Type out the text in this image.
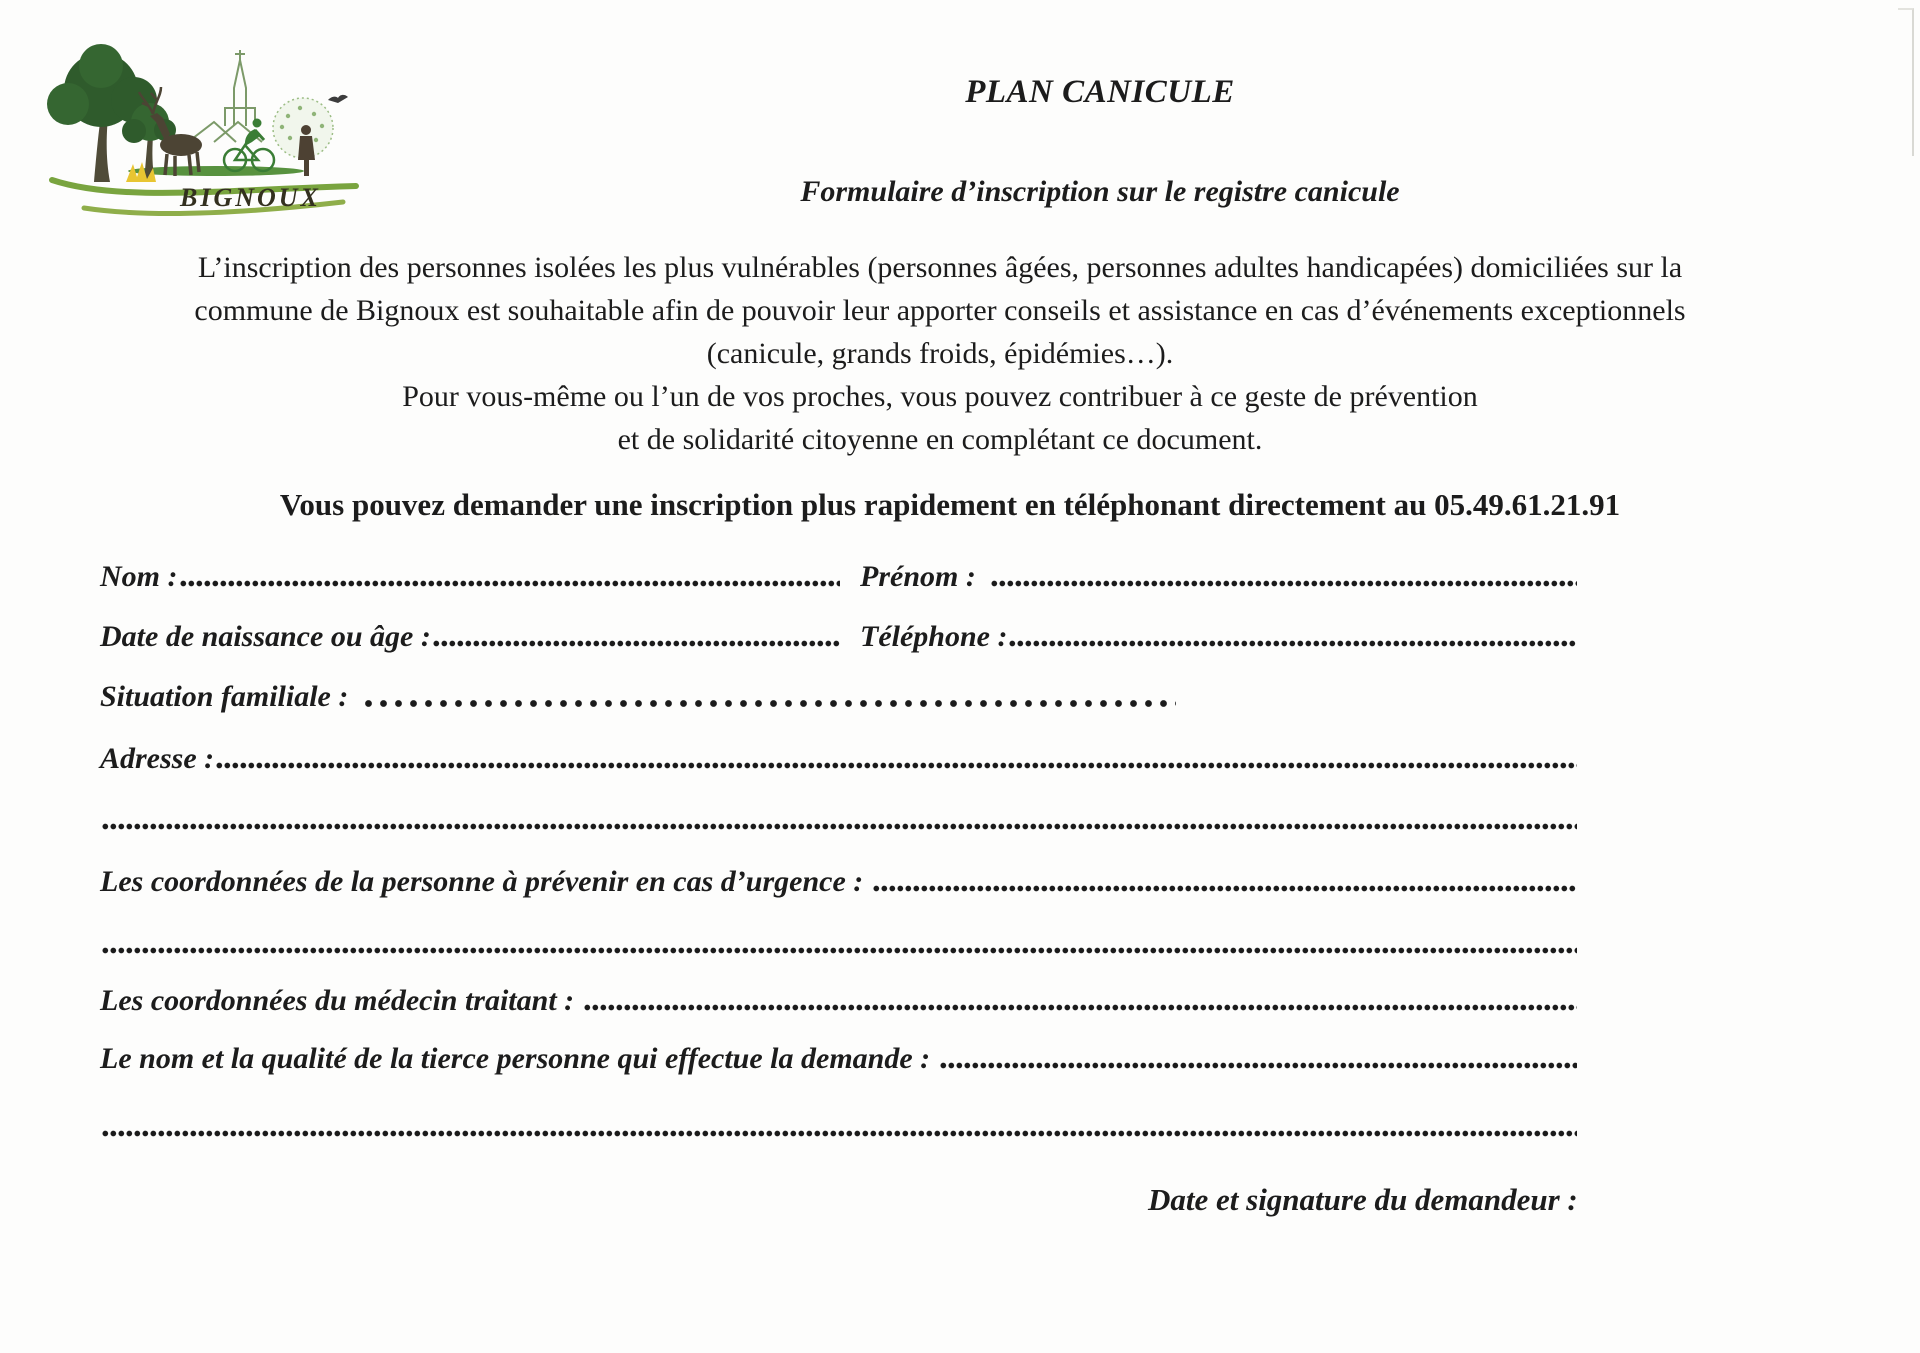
BIGNOUX
PLAN CANICULE
Formulaire d’inscription sur le registre canicule
L’inscription des personnes isolées les plus vulnérables (personnes âgées, personnes adultes handicapées) domiciliées sur la
commune de Bignoux est souhaitable afin de pouvoir leur apporter conseils et assistance en cas d’événements exceptionnels
(canicule, grands froids, épidémies…).
Pour vous-même ou l’un de vos proches, vous pouvez contribuer à ce geste de prévention
et de solidarité citoyenne en complétant ce document.
Vous pouvez demander une inscription plus rapidement en téléphonant directement au 05.49.61.21.91
Nom :	Prénom :
Date de naissance ou âge :	Téléphone :
Situation familiale :
Adresse :
Les coordonnées de la personne à prévenir en cas d’urgence :
Les coordonnées du médecin traitant :
Le nom et la qualité de la tierce personne qui effectue la demande :
Date et signature du demandeur :
